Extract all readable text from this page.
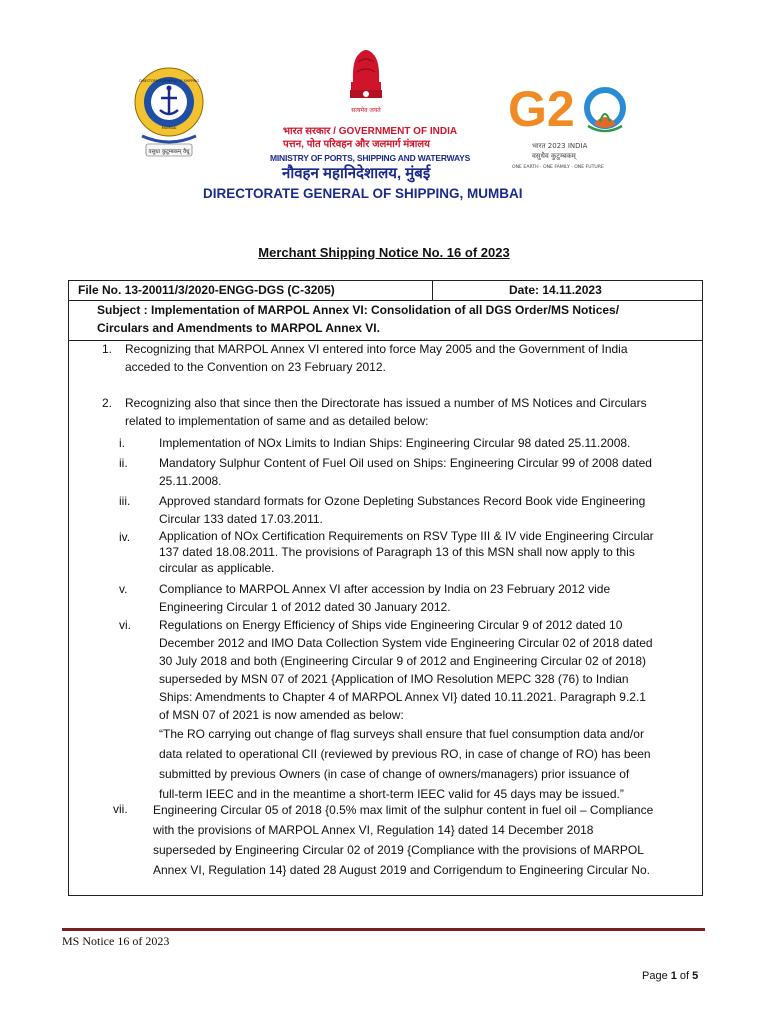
वसुधा कुटुम्बकम् वैधु
DIRECTORATE GENERAL OF SHIPPING
MUMBAI
सत्यमेव जयते
भारत सरकार / GOVERNMENT OF INDIA
पत्तन, पोत परिवहन और जलमार्ग मंत्रालय
MINISTRY OF PORTS, SHIPPING AND WATERWAYS
नौवहन महानिदेशालय, मुंबई
DIRECTORATE GENERAL OF SHIPPING, MUMBAI
G2
भारत 2023 INDIA
वसुधैव कुटुम्बकम्
ONE EARTH · ONE FAMILY · ONE FUTURE
Merchant Shipping Notice No. 16 of 2023
File No. 13-20011/3/2020-ENGG-DGS (C-3205)	Date: 14.11.2023
Subject : Implementation of MARPOL Annex VI: Consolidation of all DGS Order/MS Notices/
Circulars and Amendments to MARPOL Annex VI.
1. Recognizing that MARPOL Annex VI entered into force May 2005 and the Government of India
acceded to the Convention on 23 February 2012.
2. Recognizing also that since then the Directorate has issued a number of MS Notices and Circulars
related to implementation of same and as detailed below:
i.	Implementation of NOx Limits to Indian Ships: Engineering Circular 98 dated 25.11.2008.
ii.	Mandatory Sulphur Content of Fuel Oil used on Ships: Engineering Circular 99 of 2008 dated
25.11.2008.
iii. Approved standard formats for Ozone Depleting Substances Record Book vide Engineering
Circular 133 dated 17.03.2011.
iv. Application of NOx Certification Requirements on RSV Type III & IV vide Engineering Circular
137 dated 18.08.2011. The provisions of Paragraph 13 of this MSN shall now apply to this
circular as applicable.
v.	Compliance to MARPOL Annex VI after accession by India on 23 February 2012 vide
Engineering Circular 1 of 2012 dated 30 January 2012.
vi. Regulations on Energy Efficiency of Ships vide Engineering Circular 9 of 2012 dated 10
December 2012 and IMO Data Collection System vide Engineering Circular 02 of 2018 dated
30 July 2018 and both (Engineering Circular 9 of 2012 and Engineering Circular 02 of 2018)
superseded by MSN 07 of 2021 {Application of IMO Resolution MEPC 328 (76) to Indian
Ships: Amendments to Chapter 4 of MARPOL Annex VI} dated 10.11.2021. Paragraph 9.2.1
of MSN 07 of 2021 is now amended as below:
“The RO carrying out change of flag surveys shall ensure that fuel consumption data and/or
data related to operational CII (reviewed by previous RO, in case of change of RO) has been
submitted by previous Owners (in case of change of owners/managers) prior issuance of
full-term IEEC and in the meantime a short-term IEEC valid for 45 days may be issued.”
vii. Engineering Circular 05 of 2018 {0.5% max limit of the sulphur content in fuel oil – Compliance
with the provisions of MARPOL Annex VI, Regulation 14} dated 14 December 2018
superseded by Engineering Circular 02 of 2019 {Compliance with the provisions of MARPOL
Annex VI, Regulation 14} dated 28 August 2019 and Corrigendum to Engineering Circular No.
MS Notice 16 of 2023
Page 1 of 5
